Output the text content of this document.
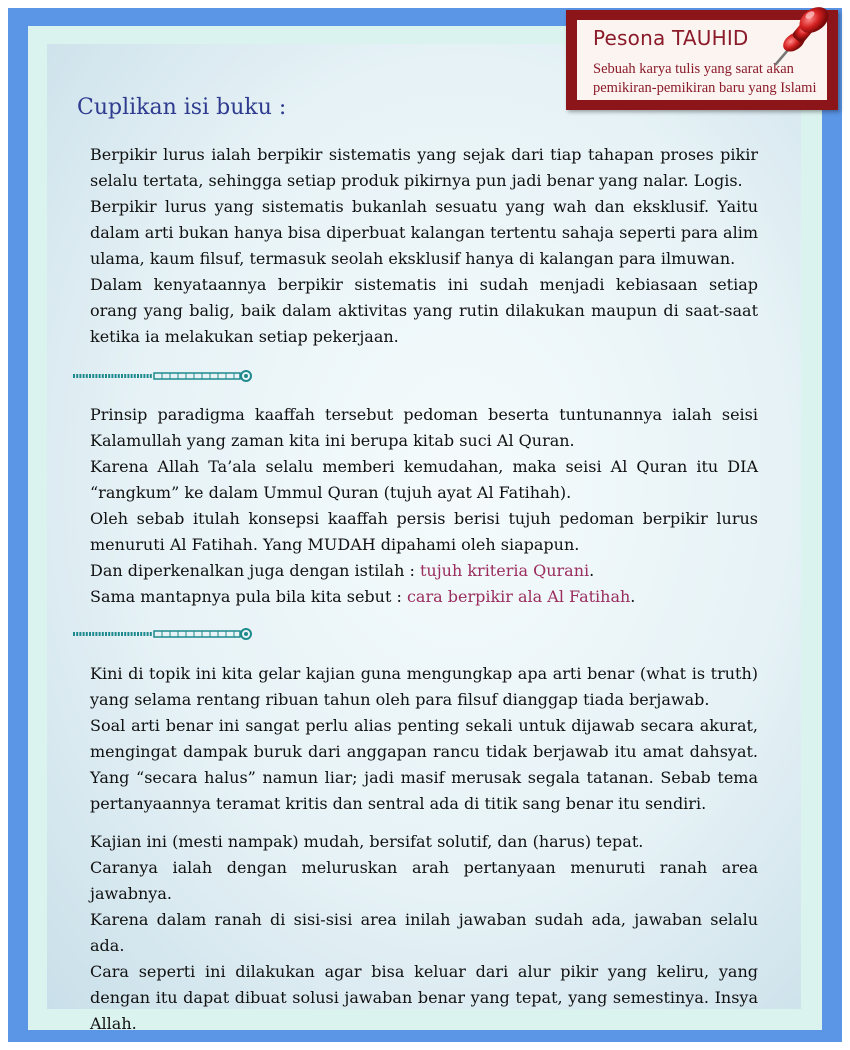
Pesona TAUHID
Sebuah karya tulis yang sarat akan pemikiran-pemikiran baru yang Islami
Cuplikan isi buku :

Berpikir lurus ialah berpikir sistematis yang sejak dari tiap tahapan proses pikir selalu tertata, sehingga setiap produk pikirnya pun jadi benar yang nalar. Logis.

Berpikir lurus yang sistematis bukanlah sesuatu yang wah dan eksklusif. Yaitu dalam arti bukan hanya bisa diperbuat kalangan tertentu sahaja seperti para alim ulama, kaum filsuf, termasuk seolah eksklusif hanya di kalangan para ilmuwan.

Dalam kenyataannya berpikir sistematis ini sudah menjadi kebiasaan setiap orang yang balig, baik dalam aktivitas yang rutin dilakukan maupun di saat-saat ketika ia melakukan setiap pekerjaan.

Prinsip paradigma kaaffah tersebut pedoman beserta tuntunannya ialah seisi Kalamullah yang zaman kita ini berupa kitab suci Al Quran.

Karena Allah Ta’ala selalu memberi kemudahan, maka seisi Al Quran itu DIA “rangkum” ke dalam Ummul Quran (tujuh ayat Al Fatihah).

Oleh sebab itulah konsepsi kaaffah persis berisi tujuh pedoman berpikir lurus menuruti Al Fatihah. Yang MUDAH dipahami oleh siapapun.

Dan diperkenalkan juga dengan istilah : tujuh kriteria Qurani.

Sama mantapnya pula bila kita sebut : cara berpikir ala Al Fatihah.

Kini di topik ini kita gelar kajian guna mengungkap apa arti benar (what is truth) yang selama rentang ribuan tahun oleh para filsuf dianggap tiada berjawab.

Soal arti benar ini sangat perlu alias penting sekali untuk dijawab secara akurat, mengingat dampak buruk dari anggapan rancu tidak berjawab itu amat dahsyat. Yang “secara halus” namun liar; jadi masif merusak segala tatanan. Sebab tema pertanyaannya teramat kritis dan sentral ada di titik sang benar itu sendiri.

Kajian ini (mesti nampak) mudah, bersifat solutif, dan (harus) tepat.

Caranya ialah dengan meluruskan arah pertanyaan menuruti ranah area jawabnya.

Karena dalam ranah di sisi-sisi area inilah jawaban sudah ada, jawaban selalu ada.

Cara seperti ini dilakukan agar bisa keluar dari alur pikir yang keliru, yang dengan itu dapat dibuat solusi jawaban benar yang tepat, yang semestinya. Insya Allah.
